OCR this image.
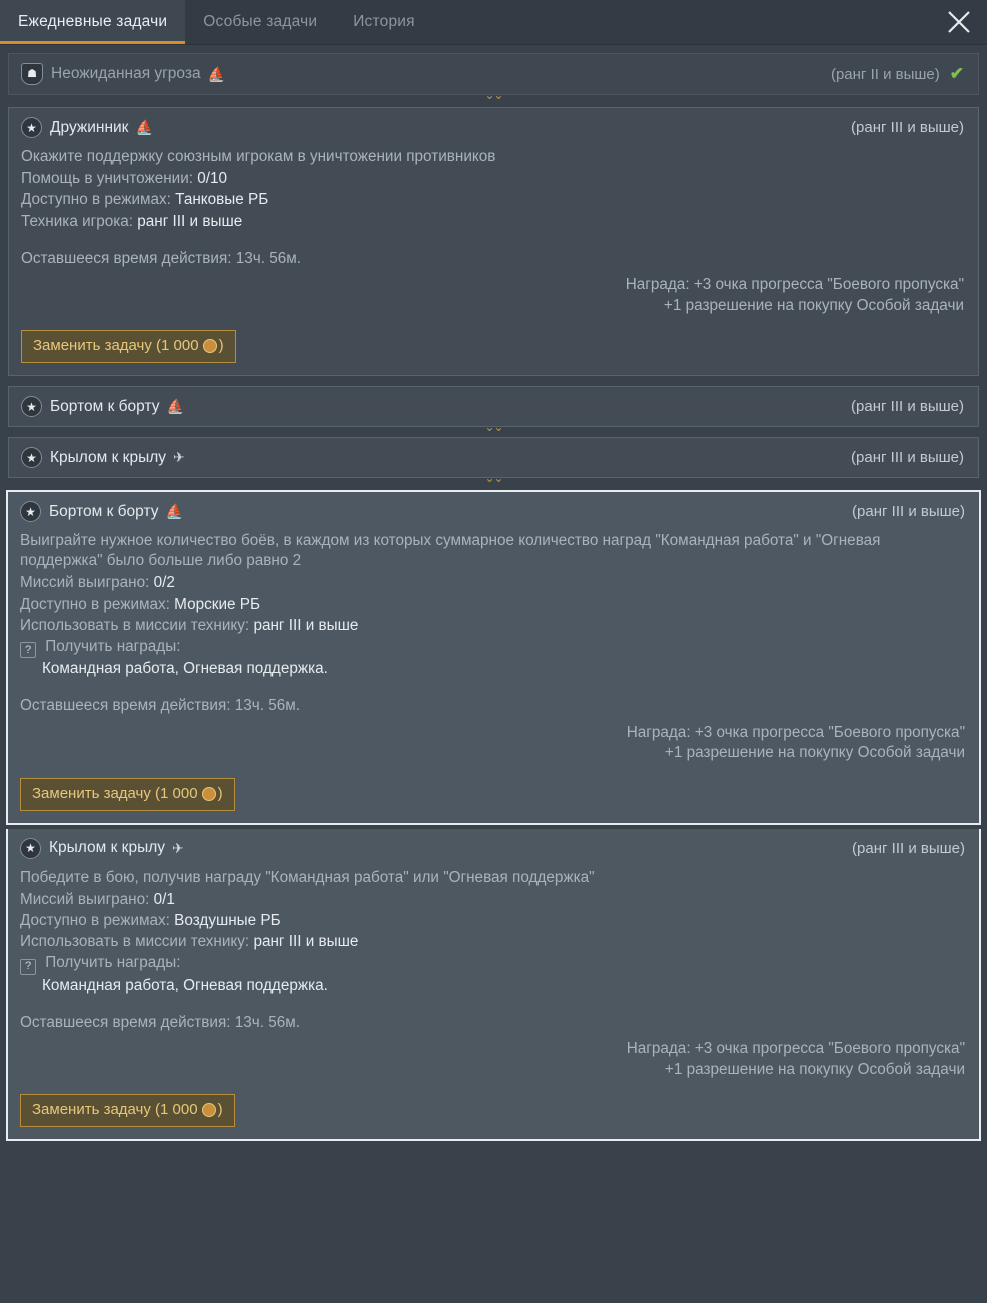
Ежедневные задачи Особые задачи История
☗ Неожиданная угроза ⛵	(ранг II и выше) ✔
⌄⌄
★ Дружинник ⛵	(ранг III и выше)
Окажите поддержку союзным игрокам в уничтожении противников
Помощь в уничтожении: 0/10
Доступно в режимах: Танковые РБ
Техника игрока: ранг III и выше
Оставшееся время действия: 13ч. 56м.
Награда: +3 очка прогресса "Боевого пропуска"
+1 разрешение на покупку Особой задачи
Заменить задачу (1 000 )
★ Бортом к борту ⛵	(ранг III и выше)
⌄⌄
★ Крылом к крылу ✈	(ранг III и выше)
⌄⌄
★ Бортом к борту ⛵	(ранг III и выше)
Выиграйте нужное количество боёв, в каждом из которых суммарное количество наград "Командная работа" и "Огневая поддержка" было больше либо равно 2
Миссий выиграно: 0/2
Доступно в режимах: Морские РБ
Использовать в миссии технику: ранг III и выше
? Получить награды:
Командная работа, Огневая поддержка.
Оставшееся время действия: 13ч. 56м.
Награда: +3 очка прогресса "Боевого пропуска"
+1 разрешение на покупку Особой задачи
Заменить задачу (1 000 )
★ Крылом к крылу ✈	(ранг III и выше)
Победите в бою, получив награду "Командная работа" или "Огневая поддержка"
Миссий выиграно: 0/1
Доступно в режимах: Воздушные РБ
Использовать в миссии технику: ранг III и выше
? Получить награды:
Командная работа, Огневая поддержка.
Оставшееся время действия: 13ч. 56м.
Награда: +3 очка прогресса "Боевого пропуска"
+1 разрешение на покупку Особой задачи
Заменить задачу (1 000 )
